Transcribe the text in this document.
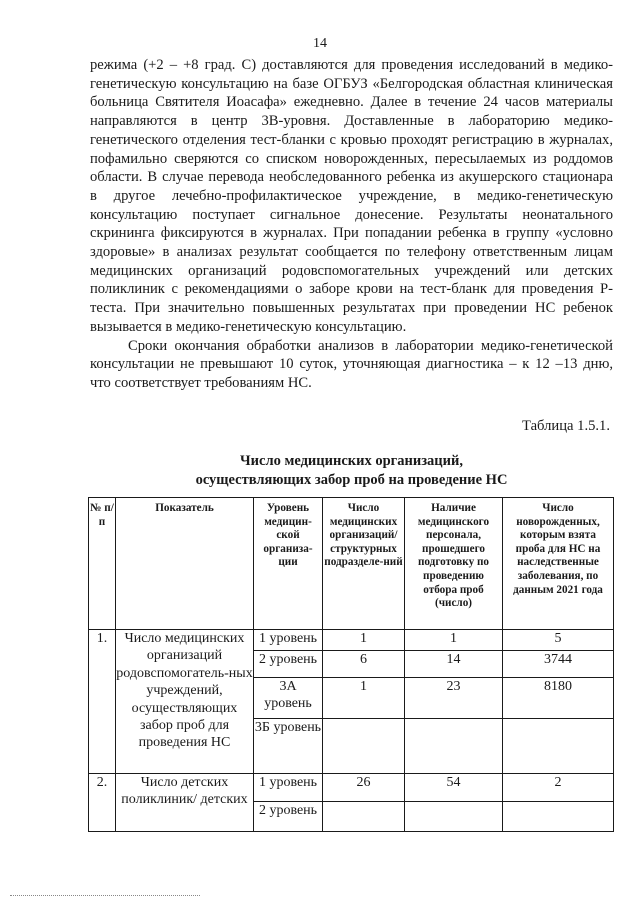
14

режима (+2 – +8 град. С) доставляются для проведения исследований в медико-генетическую консультацию на базе ОГБУЗ «Белгородская областная клиническая больница Святителя Иоасафа» ежедневно. Далее в течение 24 часов материалы направляются в центр 3В-уровня. Доставленные в лабораторию медико-генетического отделения тест-бланки с кровью проходят регистрацию в журналах, пофамильно сверяются со списком новорожденных, пересылаемых из роддомов области. В случае перевода необследованного ребенка из акушерского стационара в другое лечебно-профилактическое учреждение, в медико-генетическую консультацию поступает сигнальное донесение. Результаты неонатального скрининга фиксируются в журналах. При попадании ребенка в группу «условно здоровые» в анализах результат сообщается по телефону ответственным лицам медицинских организаций родовспомогательных учреждений или детских поликлиник с рекомендациями о заборе крови на тест-бланк для проведения Р-теста. При значительно повышенных результатах при проведении НС ребенок вызывается в медико-генетическую консультацию.

Сроки окончания обработки анализов в лаборатории медико-генетической консультации не превышают 10 суток, уточняющая диагностика – к 12 –13 дню, что соответствует требованиям НС.

Таблица 1.5.1.
Число медицинских организаций,
осуществляющих забор проб на проведение НС
№ п/п	Показатель	Уровень медицин-ской организа-ции	Число медицинских организаций/ структурных подразделе-ний	Наличие медицинского персонала, прошедшего подготовку по проведению отбора проб (число)	Число новорожденных, которым взята проба для НС на наследственные заболевания, по данным 2021 года
1.	Число медицинских организаций родовспомогатель-ных учреждений, осуществляющих забор проб для проведения НС	1 уровень	1	1	5
		2 уровень	6	14	3744
		3А уровень	1	23	8180
		3Б уровень			
2.	Число детских поликлиник/ детских	1 уровень	26	54	2
		2 уровень			
